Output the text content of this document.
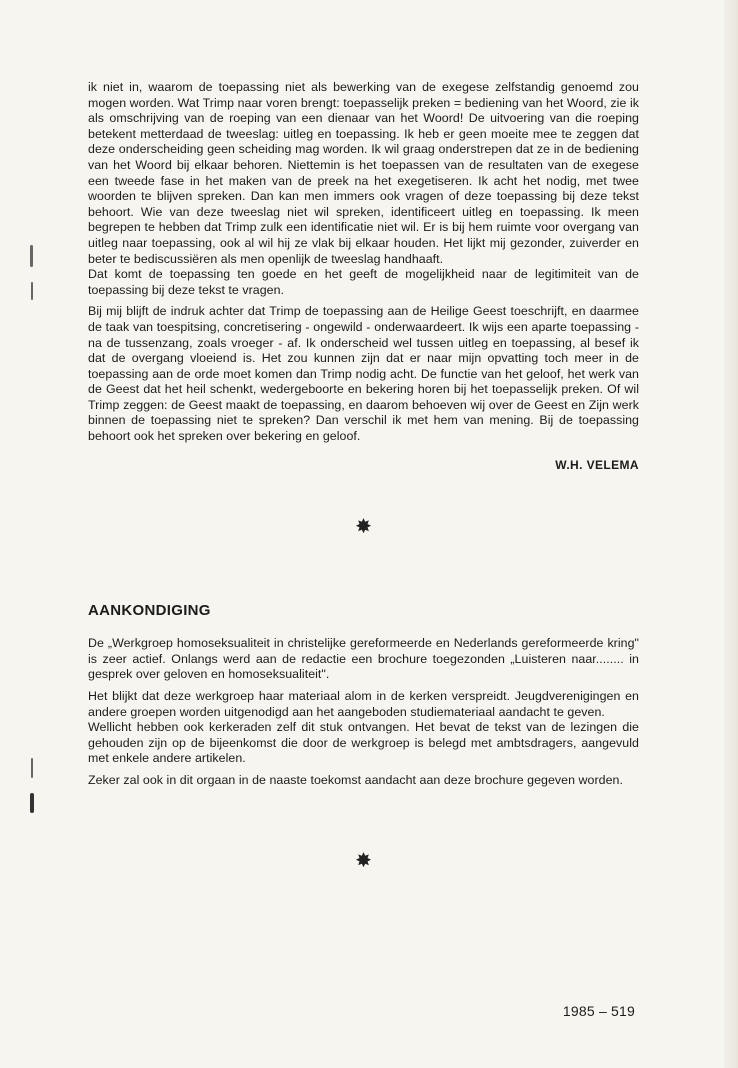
ik niet in, waarom de toepassing niet als bewerking van de exegese zelfstandig genoemd zou mogen worden. Wat Trimp naar voren brengt: toepasselijk preken = bediening van het Woord, zie ik als omschrijving van de roeping van een dienaar van het Woord! De uitvoering van die roeping betekent metterdaad de tweeslag: uitleg en toepassing. Ik heb er geen moeite mee te zeggen dat deze onderscheiding geen scheiding mag worden. Ik wil graag onderstrepen dat ze in de bediening van het Woord bij elkaar behoren. Niettemin is het toepassen van de resultaten van de exegese een tweede fase in het maken van de preek na het exegetiseren. Ik acht het nodig, met twee woorden te blijven spreken. Dan kan men immers ook vragen of deze toepassing bij deze tekst behoort. Wie van deze tweeslag niet wil spreken, identificeert uitleg en toepassing. Ik meen begrepen te hebben dat Trimp zulk een identificatie niet wil. Er is bij hem ruimte voor overgang van uitleg naar toepassing, ook al wil hij ze vlak bij elkaar houden. Het lijkt mij gezonder, zuiverder en beter te bediscussiëren als men openlijk de tweeslag handhaaft.

Dat komt de toepassing ten goede en het geeft de mogelijkheid naar de legitimiteit van de toepassing bij deze tekst te vragen.

Bij mij blijft de indruk achter dat Trimp de toepassing aan de Heilige Geest toeschrijft, en daarmee de taak van toespitsing, concretisering - ongewild - onderwaardeert. Ik wijs een aparte toepassing - na de tussenzang, zoals vroeger - af. Ik onderscheid wel tussen uitleg en toepassing, al besef ik dat de overgang vloeiend is. Het zou kunnen zijn dat er naar mijn opvatting toch meer in de toepassing aan de orde moet komen dan Trimp nodig acht. De functie van het geloof, het werk van de Geest dat het heil schenkt, wedergeboorte en bekering horen bij het toepasselijk preken. Of wil Trimp zeggen: de Geest maakt de toepassing, en daarom behoeven wij over de Geest en Zijn werk binnen de toepassing niet te spreken? Dan verschil ik met hem van mening. Bij de toepassing behoort ook het spreken over bekering en geloof.

W.H. VELEMA
✸
AANKONDIGING

De „Werkgroep homoseksualiteit in christelijke gereformeerde en Nederlands gereformeerde kring" is zeer actief. Onlangs werd aan de redactie een brochure toegezonden „Luisteren naar........ in gesprek over geloven en homoseksualiteit".

Het blijkt dat deze werkgroep haar materiaal alom in de kerken verspreidt. Jeugdverenigingen en andere groepen worden uitgenodigd aan het aangeboden studiemateriaal aandacht te geven.

Wellicht hebben ook kerkeraden zelf dit stuk ontvangen. Het bevat de tekst van de lezingen die gehouden zijn op de bijeenkomst die door de werkgroep is belegd met ambtsdragers, aangevuld met enkele andere artikelen.

Zeker zal ook in dit orgaan in de naaste toekomst aandacht aan deze brochure gegeven worden.

✸
1985 – 519
